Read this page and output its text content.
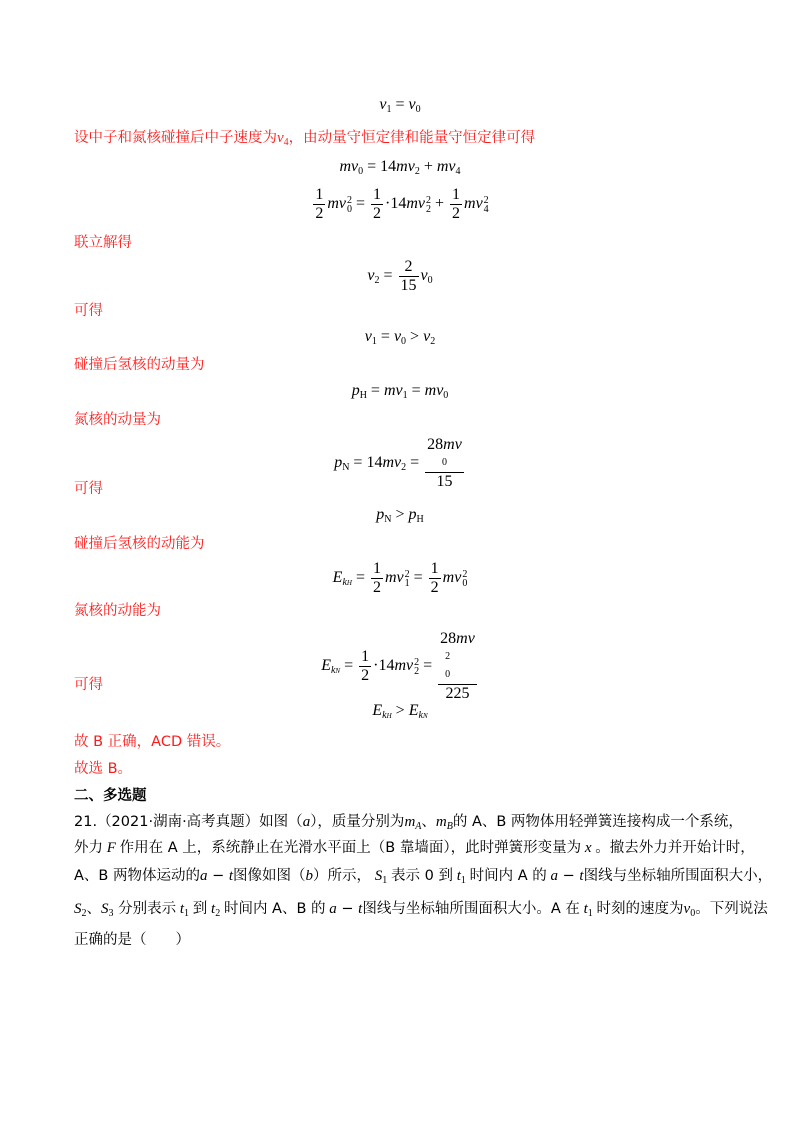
$v_1 = v_0$
设中子和氮核碰撞后中子速度为$v_4$，由动量守恒定律和能量守恒定律可得
$mv_0 = 14mv_2 + mv_4$
$\frac{1}{2}$ mv 2
$0 = \frac{1}{2} \cdot 14mv$ 2
$2 + \frac{1}{2}$ mv 2
4
联立解得
$v_2 = \frac{2}{15} v_0$
可得
$v_1 = v_0 > v_2$
碰撞后氢核的动量为
$p_H = mv_1 = mv_0$
氮核的动量为
$p_N = 14mv_2 = 28mv$
0
15
可得
$p_N > p_H$
碰撞后氢核的动能为
EkH = $\frac{1}{2}$ mv 2
$1 = \frac{1}{2}$ mv 2
0
氮核的动能为
EkN = $\frac{1}{2} \cdot 14mv$ 2
2 = 28mv
2
0
225
可得
EkH > EkN
故 B 正确，ACD 错误。
故选 B。
二、多选题
21.（2021·湖南·高考真题）如图（a），质量分别为$m_A$、$m_B$的 A、B 两物体用轻弹簧连接构成一个系统，
外力 F 作用在 A 上，系统静止在光滑水平面上（B 靠墙面），此时弹簧形变量为 x 。撤去外力并开始计时，
A、B 两物体运动的a − t图像如图（b）所示， $S_1$ 表示 0 到 $t_1$ 时间内 A 的 a − t图线与坐标轴所围面积大小，
$S_2$、$S_3$ 分别表示 $t_1$ 到 $t_2$ 时间内 A、B 的 a − t图线与坐标轴所围面积大小。A 在 $t_1$ 时刻的速度为$v_0$。下列说法
正确的是（　　）
